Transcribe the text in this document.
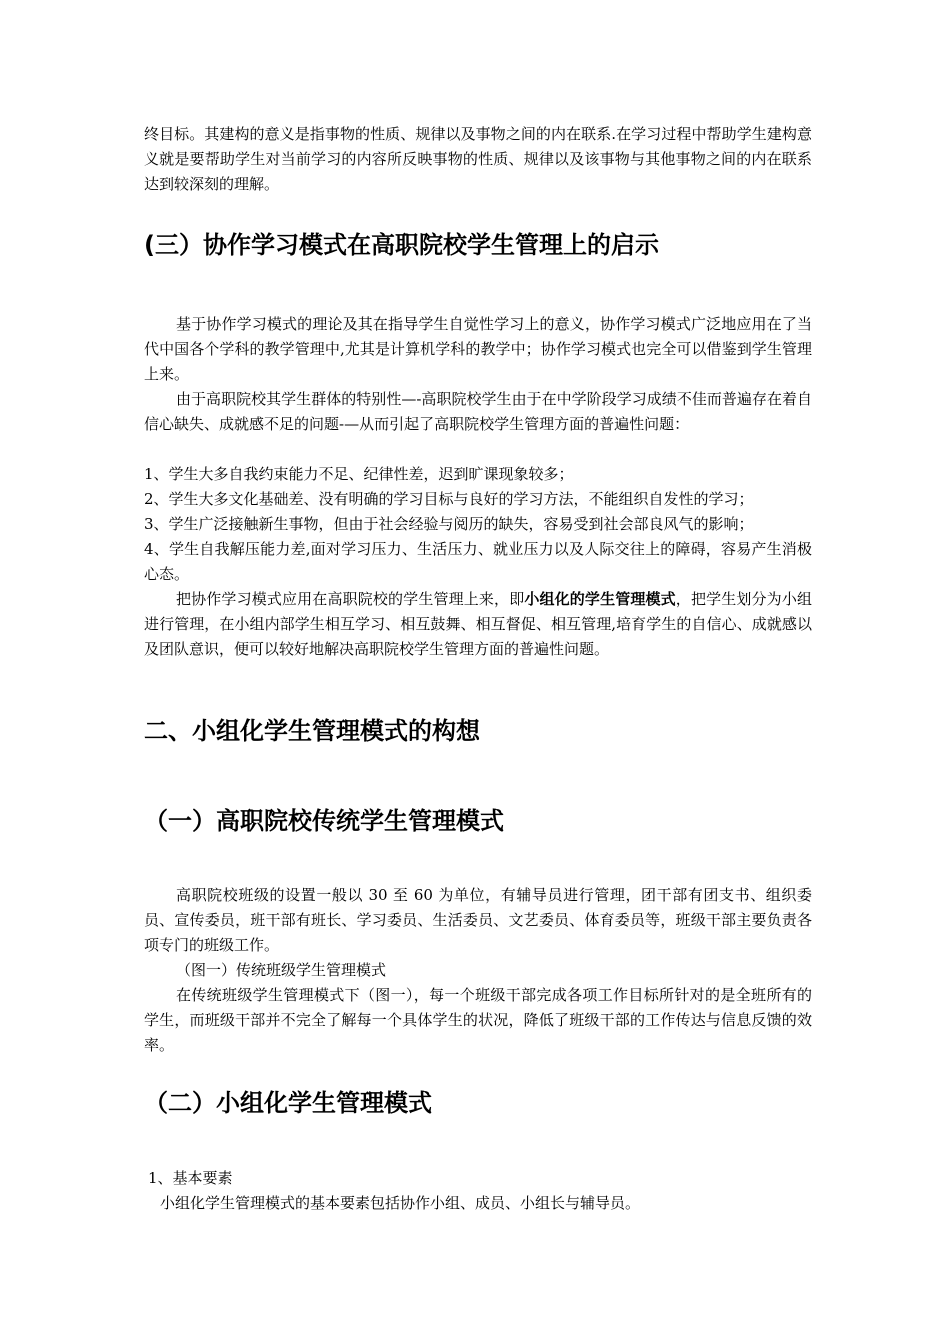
终目标。其建构的意义是指事物的性质、规律以及事物之间的内在联系.在学习过程中帮助学生建构意义就是要帮助学生对当前学习的内容所反映事物的性质、规律以及该事物与其他事物之间的内在联系达到较深刻的理解。
(三）协作学习模式在高职院校学生管理上的启示
基于协作学习模式的理论及其在指导学生自觉性学习上的意义，协作学习模式广泛地应用在了当代中国各个学科的教学管理中,尤其是计算机学科的教学中；协作学习模式也完全可以借鉴到学生管理上来。
由于高职院校其学生群体的特别性—-高职院校学生由于在中学阶段学习成绩不佳而普遍存在着自信心缺失、成就感不足的问题-—从而引起了高职院校学生管理方面的普遍性问题：
1、学生大多自我约束能力不足、纪律性差，迟到旷课现象较多；
2、学生大多文化基础差、没有明确的学习目标与良好的学习方法，不能组织自发性的学习；
3、学生广泛接触新生事物，但由于社会经验与阅历的缺失，容易受到社会部良风气的影响；
4、学生自我解压能力差,面对学习压力、生活压力、就业压力以及人际交往上的障碍，容易产生消极心态。
把协作学习模式应用在高职院校的学生管理上来，即小组化的学生管理模式，把学生划分为小组进行管理，在小组内部学生相互学习、相互鼓舞、相互督促、相互管理,培育学生的自信心、成就感以及团队意识，便可以较好地解决高职院校学生管理方面的普遍性问题。
二、小组化学生管理模式的构想
（一）高职院校传统学生管理模式
高职院校班级的设置一般以 30 至 60 为单位，有辅导员进行管理，团干部有团支书、组织委员、宣传委员，班干部有班长、学习委员、生活委员、文艺委员、体育委员等，班级干部主要负责各项专门的班级工作。
（图一）传统班级学生管理模式
在传统班级学生管理模式下（图一），每一个班级干部完成各项工作目标所针对的是全班所有的学生，而班级干部并不完全了解每一个具体学生的状况，降低了班级干部的工作传达与信息反馈的效率。
（二）小组化学生管理模式
1、基本要素
小组化学生管理模式的基本要素包括协作小组、成员、小组长与辅导员。
